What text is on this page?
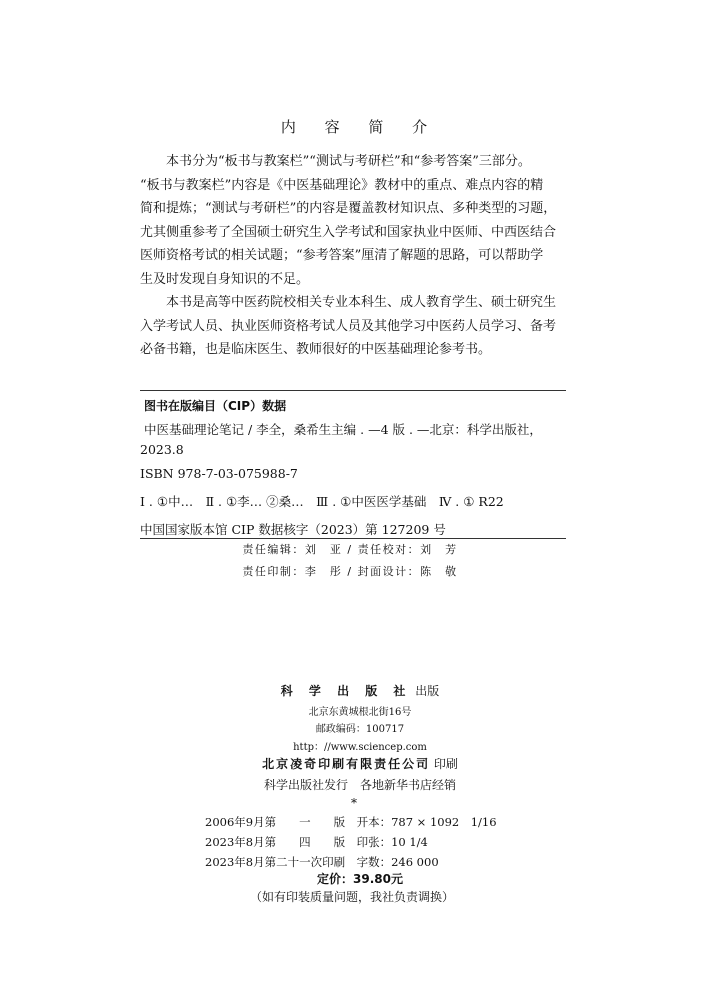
内 容 简 介
　　本书分为“板书与教案栏”“测试与考研栏”和“参考答案”三部分。
“板书与教案栏”内容是《中医基础理论》教材中的重点、难点内容的精
简和提炼；“测试与考研栏”的内容是覆盖教材知识点、多种类型的习题，
尤其侧重参考了全国硕士研究生入学考试和国家执业中医师、中西医结合
医师资格考试的相关试题；“参考答案”厘清了解题的思路，可以帮助学
生及时发现自身知识的不足。
　　本书是高等中医药院校相关专业本科生、成人教育学生、硕士研究生
入学考试人员、执业医师资格考试人员及其他学习中医药人员学习、备考
必备书籍，也是临床医生、教师很好的中医基础理论参考书。
图书在版编目（CIP）数据
中医基础理论笔记 / 李全，桑希生主编 . —4 版 . —北京：科学出版社，
2023.8
ISBN 978-7-03-075988-7
Ⅰ . ①中…　Ⅱ . ①李… ②桑…　Ⅲ . ①中医医学基础　Ⅳ . ① R22
中国国家版本馆 CIP 数据核字（2023）第 127209 号
责任编辑：刘　亚 / 责任校对：刘　芳
责任印制：李　彤 / 封面设计：陈　敬
科 学 出 版 社 出版
北京东黄城根北街16号
邮政编码：100717
http：//www.sciencep.com
北京凌奇印刷有限责任公司 印刷
科学出版社发行　各地新华书店经销
*
2006年9月第　　一　　版　开本：787 × 1092　1/16
2023年8月第　　四　　版　印张：10 1/4
2023年8月第二十一次印刷　字数：246 000
定价：39.80元
（如有印装质量问题，我社负责调换）
